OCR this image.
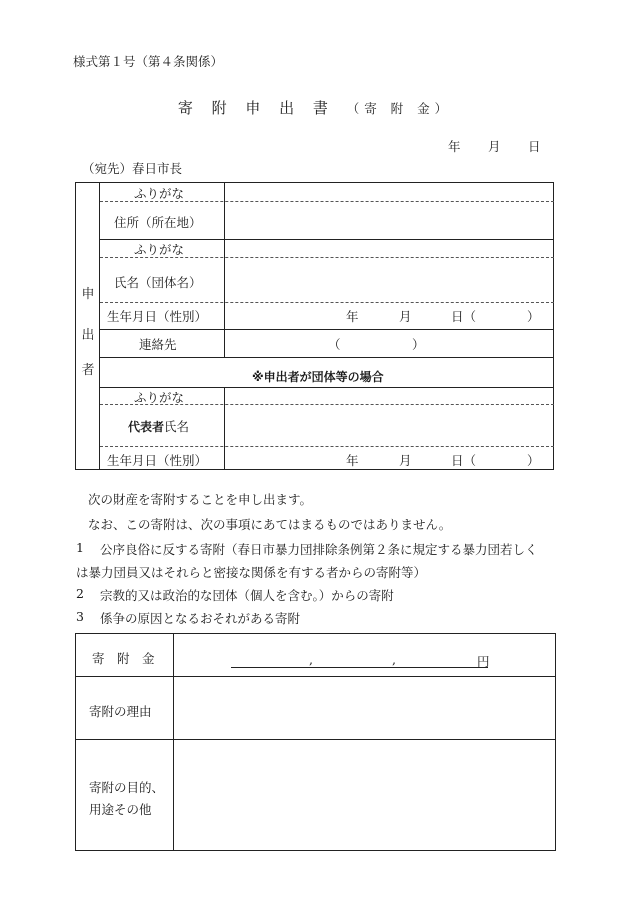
様式第１号（第４条関係）
寄 附 申 出 書 （寄 附 金）
年 月 日
（宛先）春日市長
申
出
者
ふりがな
住所（所在地）
ふりがな
氏名（団体名）
生年月日（性別）	年	月	日（	）
連絡先	（	）
※申出者が団体等の場合
ふりがな
代表者氏名
生年月日（性別）	年	月	日（	）
次の財産を寄附することを申し出ます。
なお、この寄附は、次の事項にあてはまるものではありません。
1 公序良俗に反する寄附（春日市暴力団排除条例第２条に規定する暴力団若しく
は暴力団員又はそれらと密接な関係を有する者からの寄附等）
2 宗教的又は政治的な団体（個人を含む。）からの寄附
3 係争の原因となるおそれがある寄附
寄　附　金	,	,	円
寄附の理由
寄附の目的、
用途その他
